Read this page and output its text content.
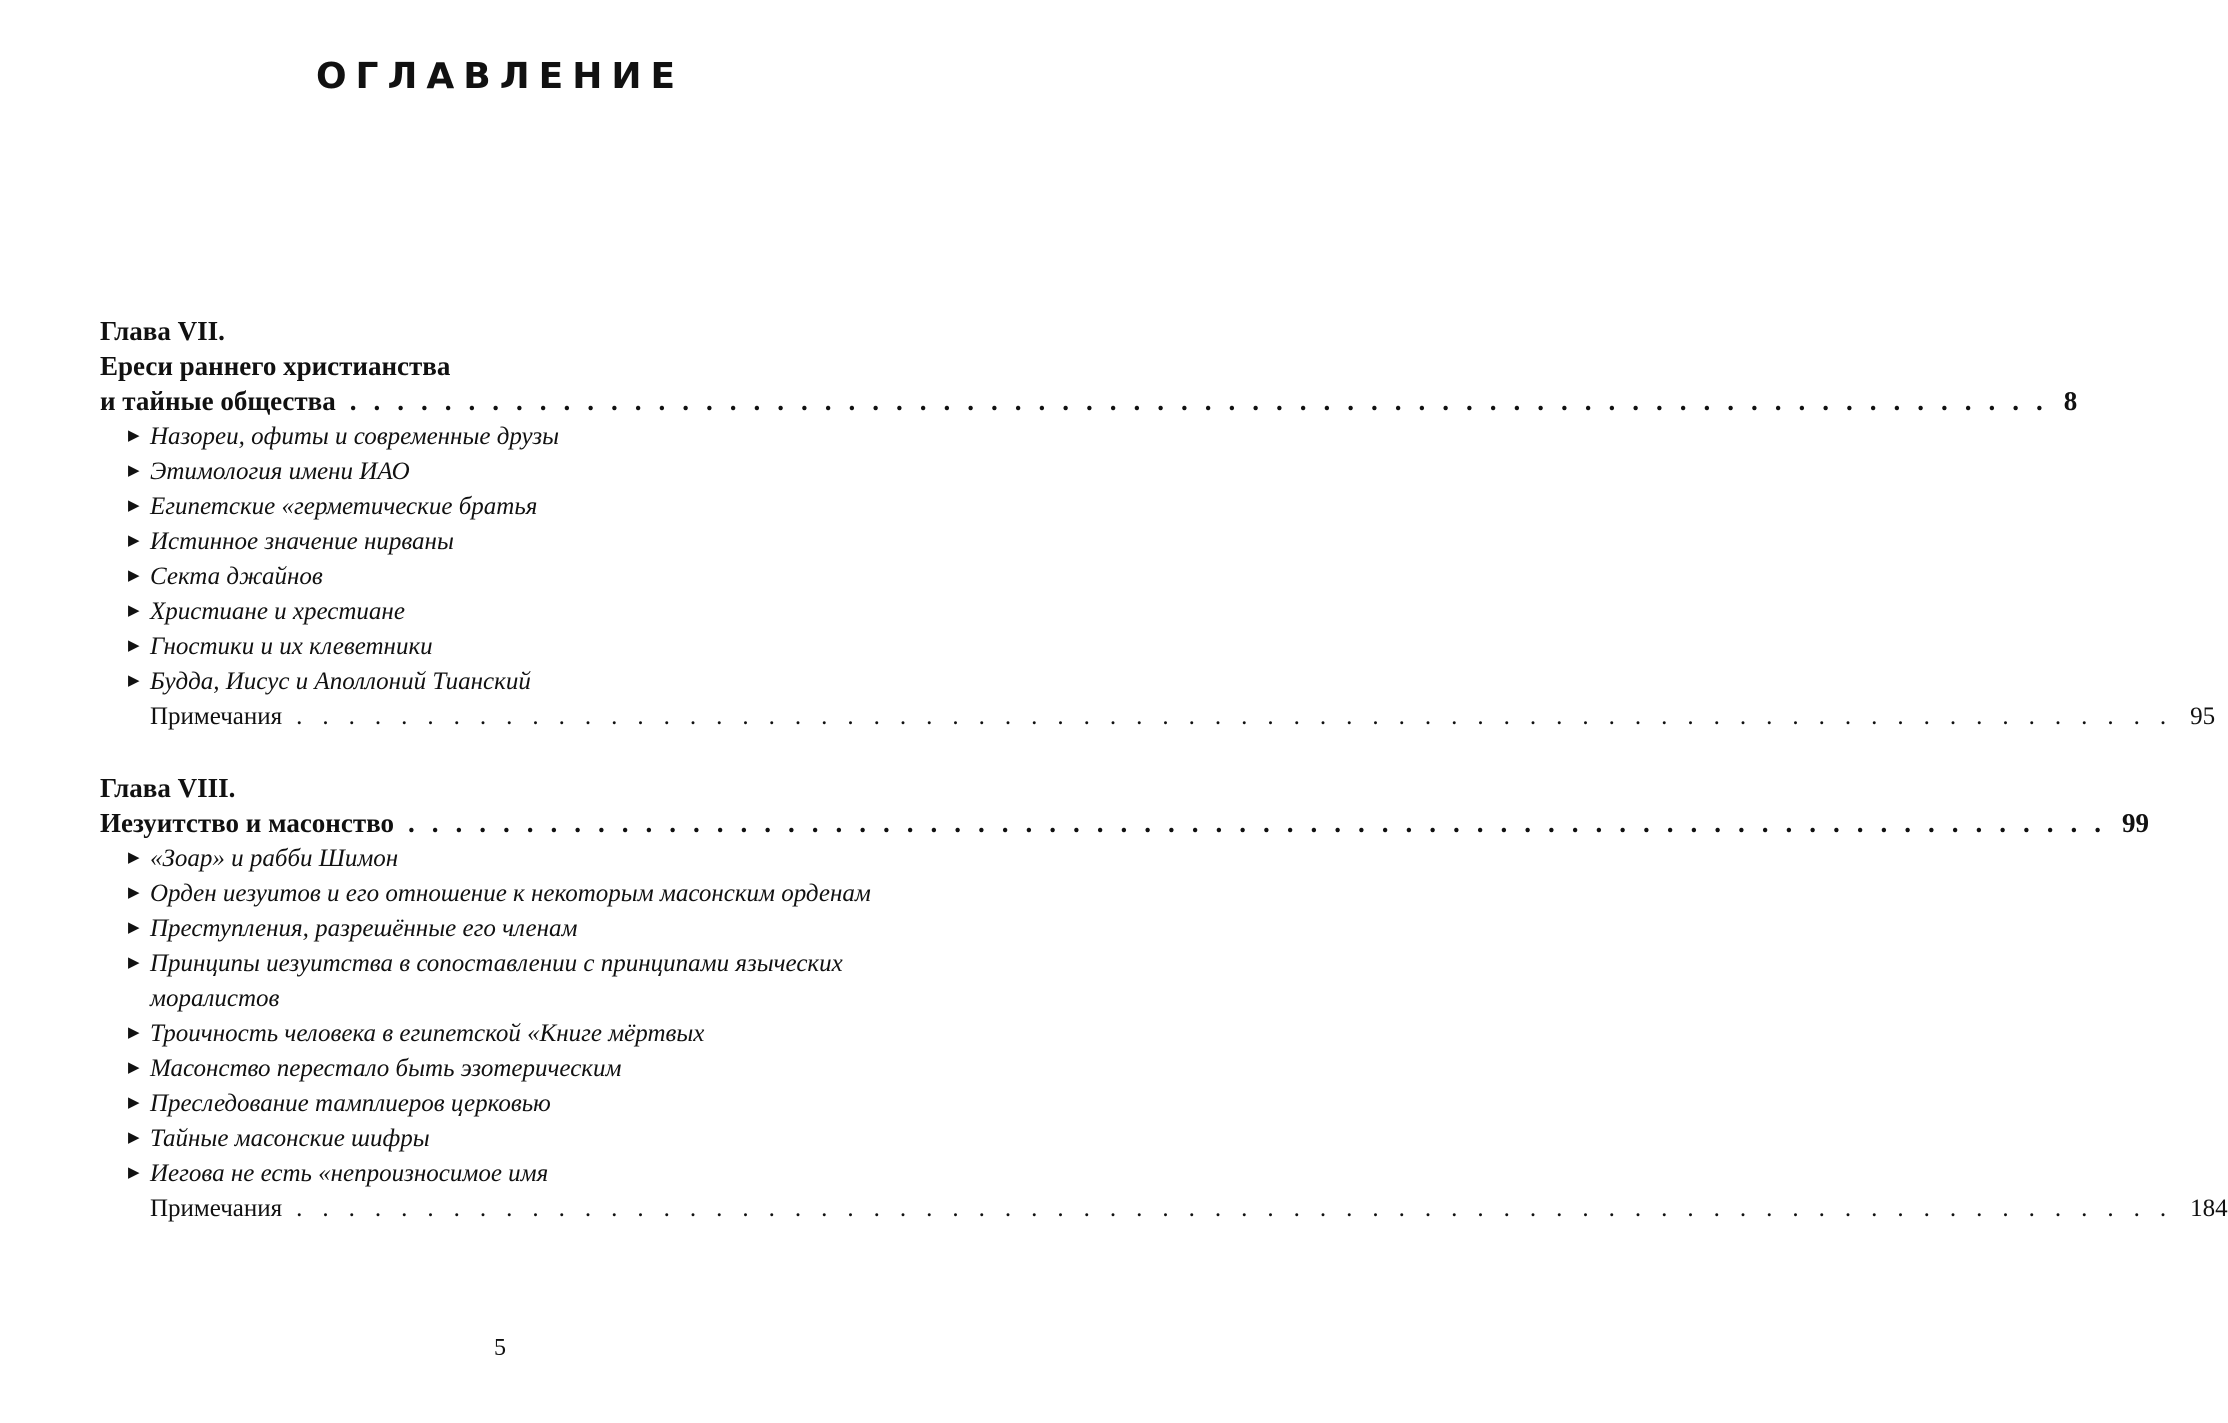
ОГЛАВЛЕНИЕ
Глава VII.
Ереси раннего христианства
и тайные общества ........................................................................ 8
▶ Назореи, офиты и современные друзы
▶ Этимология имени ИАО
▶ Египетские «герметические братья
▶ Истинное значение нирваны
▶ Секта джайнов
▶ Христиане и хрестиане
▶ Гностики и их клеветники
▶ Будда, Иисус и Аполлоний Тианский
Примечания ........................................................................ 95
Глава VIII.
Иезуитство и масонство ........................................................................ 99
▶ «Зоар» и рабби Шимон
▶ Орден иезуитов и его отношение к некоторым масонским орденам
▶ Преступления, разрешённые его членам
▶ Принципы иезуитства в сопоставлении с принципами языческих моралистов
▶ Троичность человека в египетской «Книге мёртвых
▶ Масонство перестало быть эзотерическим
▶ Преследование тамплиеров церковью
▶ Тайные масонские шифры
▶ Иегова не есть «непроизносимое имя
Примечания ........................................................................ 184
5
